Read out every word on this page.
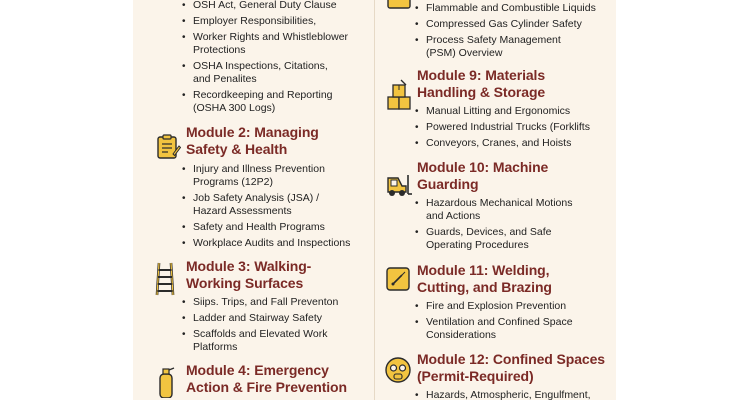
• OSH Act, General Duty Clause
• Employer Responsibilities,
• Worker Rights and Whistleblower
Protections
• OSHA Inspections, Citations,
and Penalites
• Recordkeeping and Reporting
(OSHA 300 Logs)
Module 2: Managing
Safety & Health
• Injury and Illness Prevention
Programs (12P2)
• Job Safety Analysis (JSA) /
Hazard Assessments
• Safety and Health Programs
• Workplace Audits and Inspections
Module 3: Walking-
Working Surfaces
• Siips. Trips, and Fall Preventon
• Ladder and Stairway Safety
• Scaffolds and Elevated Work
Platforms
Module 4: Emergency
Action & Fire Prevention
• Flammable and Combustible Liquids
• Compressed Gas Cylinder Safety
• Process Safety Management
(PSM) Overview
Module 9: Materials
Handling & Storage
• Manual Litting and Ergonomics
• Powered Industrial Trucks (Forklifts
• Conveyors, Cranes, and Hoists
Module 10: Machine
Guarding
• Hazardous Mechanical Motions
and Actions
• Guards, Devices, and Safe
Operating Procedures
Module 11: Welding,
Cutting, and Brazing
• Fire and Explosion Prevention
• Ventilation and Confined Space
Considerations
Module 12: Confined Spaces
(Permit-Required)
• Hazards, Atmospheric, Engulfment,
